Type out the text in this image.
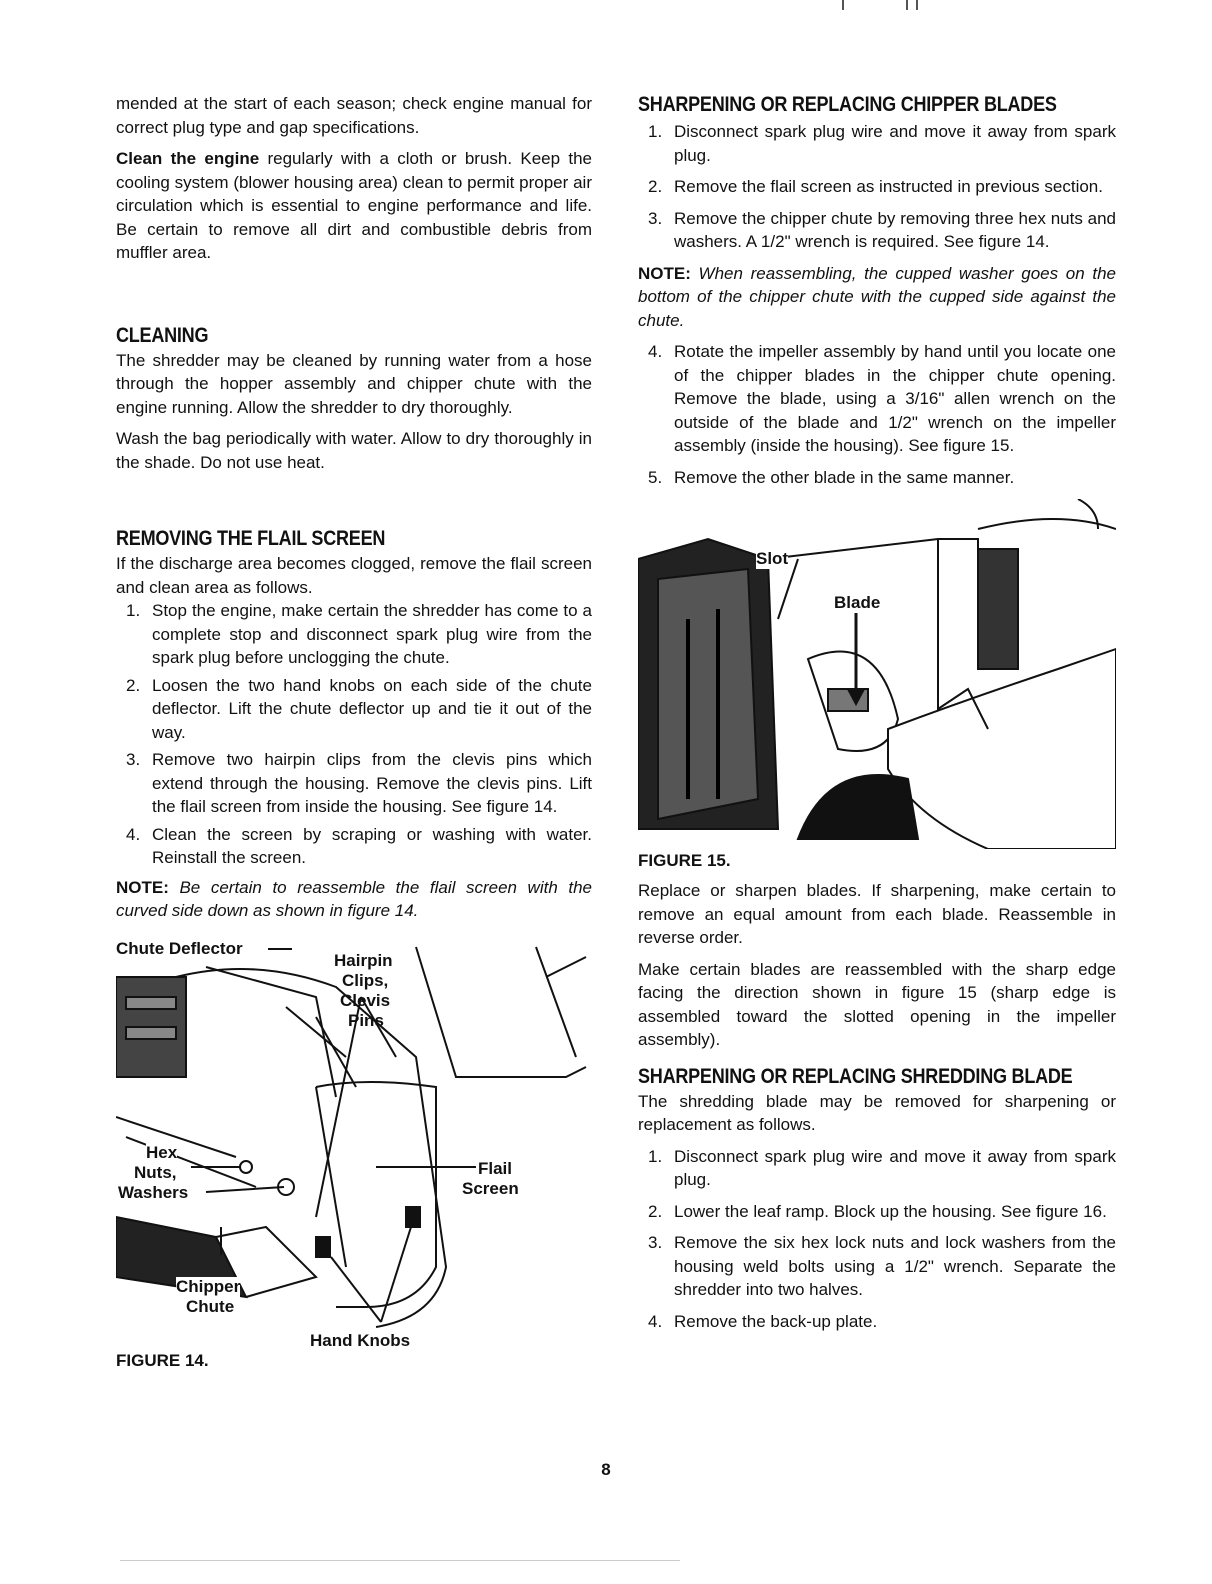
mended at the start of each season; check engine manual for correct plug type and gap specifications.

Clean the engine regularly with a cloth or brush. Keep the cooling system (blower housing area) clean to permit proper air circulation which is essential to engine performance and life. Be certain to remove all dirt and combustible debris from muffler area.

CLEANING

The shredder may be cleaned by running water from a hose through the hopper assembly and chipper chute with the engine running. Allow the shredder to dry thoroughly.

Wash the bag periodically with water. Allow to dry thoroughly in the shade. Do not use heat.

REMOVING THE FLAIL SCREEN

If the discharge area becomes clogged, remove the flail screen and clean area as follows.

1. Stop the engine, make certain the shredder has come to a complete stop and disconnect spark plug wire from the spark plug before unclogging the chute.
2. Loosen the two hand knobs on each side of the chute deflector. Lift the chute deflector up and tie it out of the way.
3. Remove two hairpin clips from the clevis pins which extend through the housing. Remove the clevis pins. Lift the flail screen from inside the housing. See figure 14.
4. Clean the screen by scraping or washing with water. Reinstall the screen.

NOTE: Be certain to reassemble the flail screen with the curved side down as shown in figure 14.

Chute Deflector
Hairpin
Clips,
Clevis
Pins
Hex
Nuts,
Washers
Flail
Screen
Chipper
Chute
Hand Knobs
FIGURE 14.
SHARPENING OR REPLACING CHIPPER BLADES
1. Disconnect spark plug wire and move it away from spark plug.
2. Remove the flail screen as instructed in previous section.
3. Remove the chipper chute by removing three hex nuts and washers. A 1/2" wrench is required. See figure 14.

NOTE: When reassembling, the cupped washer goes on the bottom of the chipper chute with the cupped side against the chute.

4. Rotate the impeller assembly by hand until you locate one of the chipper blades in the chipper chute opening. Remove the blade, using a 3/16" allen wrench on the outside of the blade and 1/2" wrench on the impeller assembly (inside the housing). See figure 15.
5. Remove the other blade in the same manner.
Slot
Blade
FIGURE 15.

Replace or sharpen blades. If sharpening, make certain to remove an equal amount from each blade. Reassemble in reverse order.

Make certain blades are reassembled with the sharp edge facing the direction shown in figure 15 (sharp edge is assembled toward the slotted opening in the impeller assembly).

SHARPENING OR REPLACING SHREDDING BLADE

The shredding blade may be removed for sharpening or replacement as follows.

1. Disconnect spark plug wire and move it away from spark plug.
2. Lower the leaf ramp. Block up the housing. See figure 16.
3. Remove the six hex lock nuts and lock washers from the housing weld bolts using a 1/2" wrench. Separate the shredder into two halves.
4. Remove the back-up plate.
8
